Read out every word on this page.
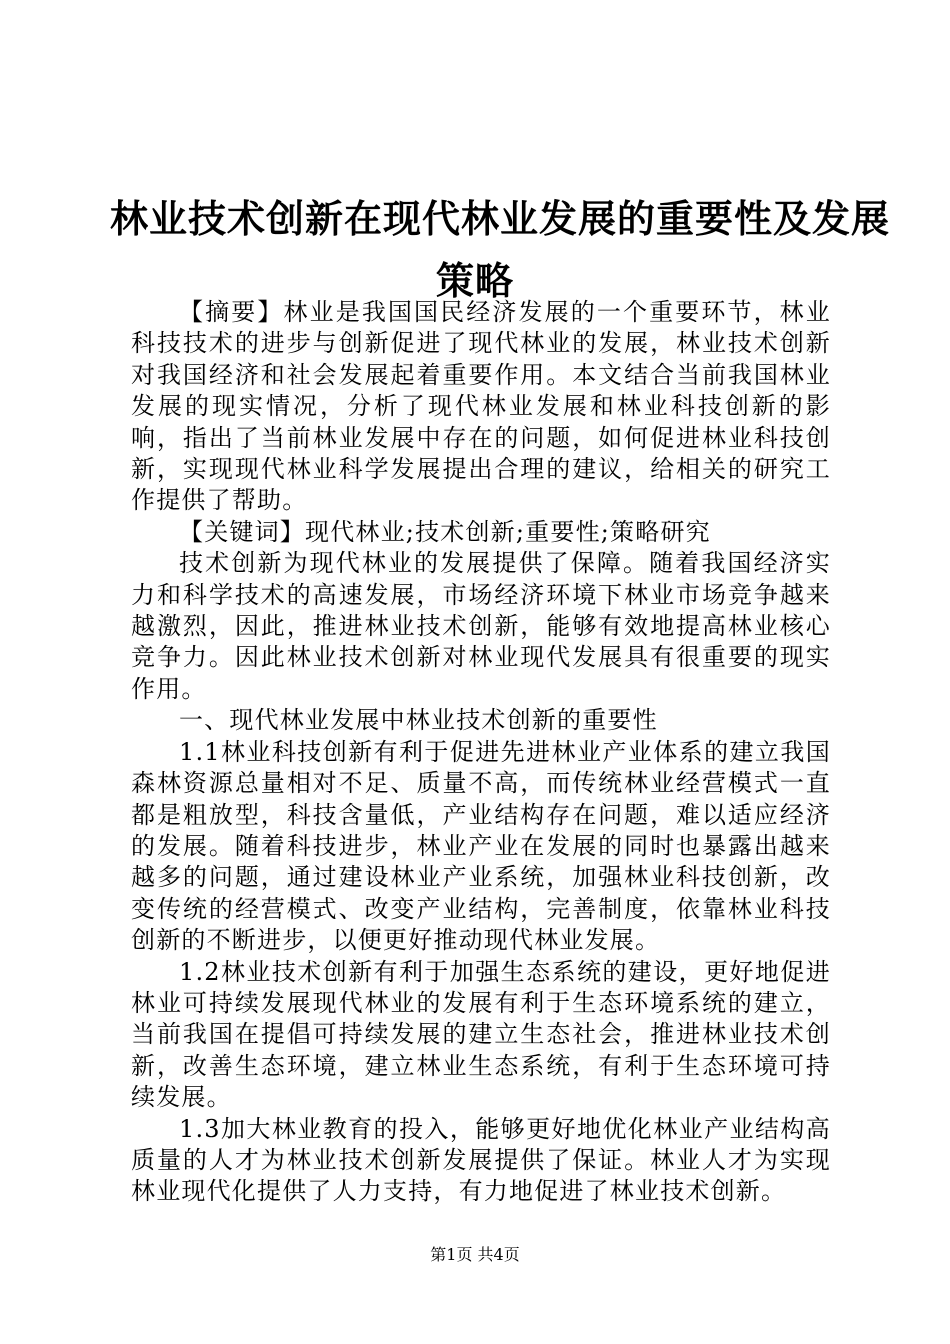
林业技术创新在现代林业发展的重要性及发展
策略

【摘要】林业是我国国民经济发展的一个重要环节，林业科技技术的进步与创新促进了现代林业的发展，林业技术创新对我国经济和社会发展起着重要作用。本文结合当前我国林业发展的现实情况，分析了现代林业发展和林业科技创新的影响，指出了当前林业发展中存在的问题，如何促进林业科技创新，实现现代林业科学发展提出合理的建议，给相关的研究工作提供了帮助。

【关键词】现代林业;技术创新;重要性;策略研究

技术创新为现代林业的发展提供了保障。随着我国经济实力和科学技术的高速发展，市场经济环境下林业市场竞争越来越激烈，因此，推进林业技术创新，能够有效地提高林业核心竞争力。因此林业技术创新对林业现代发展具有很重要的现实作用。

一、现代林业发展中林业技术创新的重要性

1.1林业科技创新有利于促进先进林业产业体系的建立我国森林资源总量相对不足、质量不高，而传统林业经营模式一直都是粗放型，科技含量低，产业结构存在问题，难以适应经济的发展。随着科技进步，林业产业在发展的同时也暴露出越来越多的问题，通过建设林业产业系统，加强林业科技创新，改变传统的经营模式、改变产业结构，完善制度，依靠林业科技创新的不断进步，以便更好推动现代林业发展。

1.2林业技术创新有利于加强生态系统的建设，更好地促进林业可持续发展现代林业的发展有利于生态环境系统的建立，当前我国在提倡可持续发展的建立生态社会，推进林业技术创新，改善生态环境，建立林业生态系统，有利于生态环境可持续发展。

1.3加大林业教育的投入，能够更好地优化林业产业结构高质量的人才为林业技术创新发展提供了保证。林业人才为实现林业现代化提供了人力支持，有力地促进了林业技术创新。

第1页 共4页
